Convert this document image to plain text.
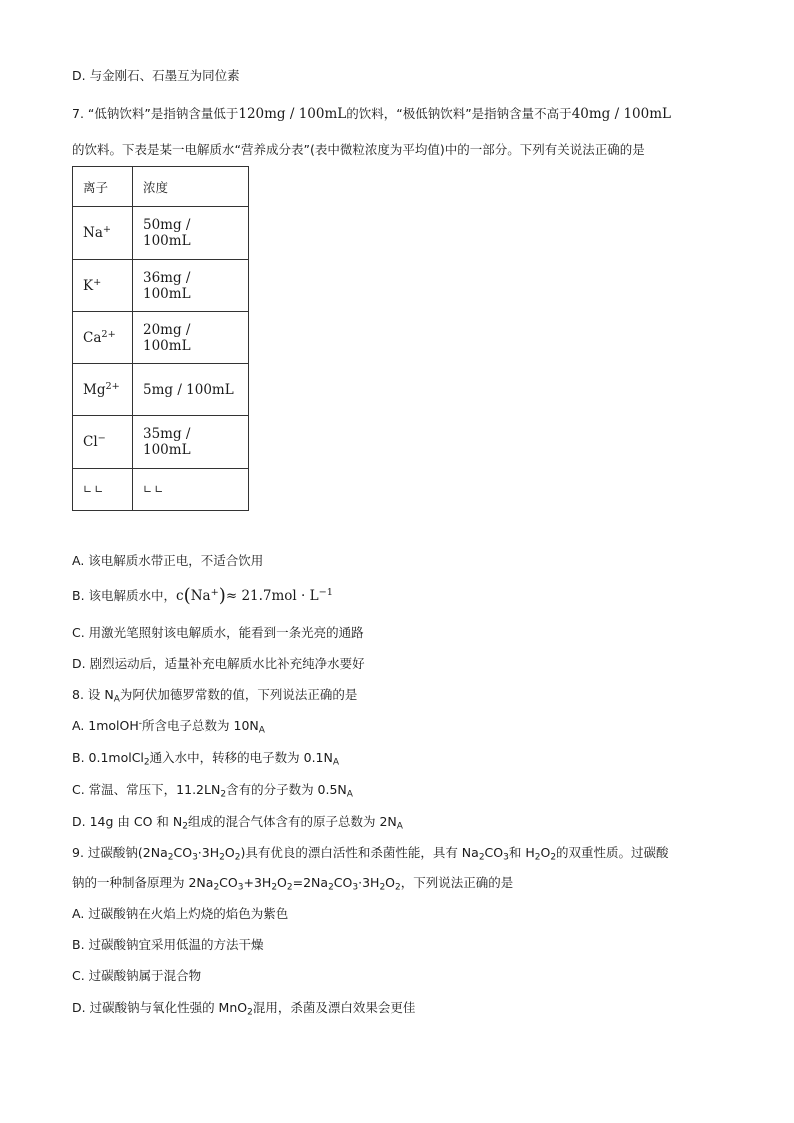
D. 与金刚石、石墨互为同位素
7. “低钠饮料”是指钠含量低于120mg / 100mL的饮料，“极低钠饮料”是指钠含量不高于40mg / 100mL
的饮料。下表是某一电解质水“营养成分表”(表中微粒浓度为平均值)中的一部分。下列有关说法正确的是
离子	浓度
Na+	50mg / 100mL
K+	36mg / 100mL
$Ca^{2+}$	20mg / 100mL
$Mg^{2+}$	5mg / 100mL
Cl−	35mg / 100mL
∟∟	∟∟
A. 该电解质水带正电，不适合饮用
B. 该电解质水中，$c(Na^+)\approx 21.7mol \cdot L^{-1}$
C. 用激光笔照射该电解质水，能看到一条光亮的通路
D. 剧烈运动后，适量补充电解质水比补充纯净水要好
8. 设 $N_A$为阿伏加德罗常数的值，下列说法正确的是
A. 1molOH-所含电子总数为 $10N_A$
B. 0.1molCl$_2$通入水中，转移的电子数为 $0.1N_A$
C. 常温、常压下，$11.2LN_2$含有的分子数为 $0.5N_A$
D. 14g 由 CO 和 $N_2$组成的混合气体含有的原子总数为 $2N_A$
9. 过碳酸钠$(2Na_2CO_3\cdot 3H_2O_2)$具有优良的漂白活性和杀菌性能，具有 $Na_2CO_3$和 $H_2O_2$的双重性质。过碳酸
钠的一种制备原理为 $2Na_2CO_3+3H_2O_2=2Na_2CO_3\cdot 3H_2O_2$，下列说法正确的是
A. 过碳酸钠在火焰上灼烧的焰色为紫色
B. 过碳酸钠宜采用低温的方法干燥
C. 过碳酸钠属于混合物
D. 过碳酸钠与氧化性强的 MnO$_2$混用，杀菌及漂白效果会更佳
